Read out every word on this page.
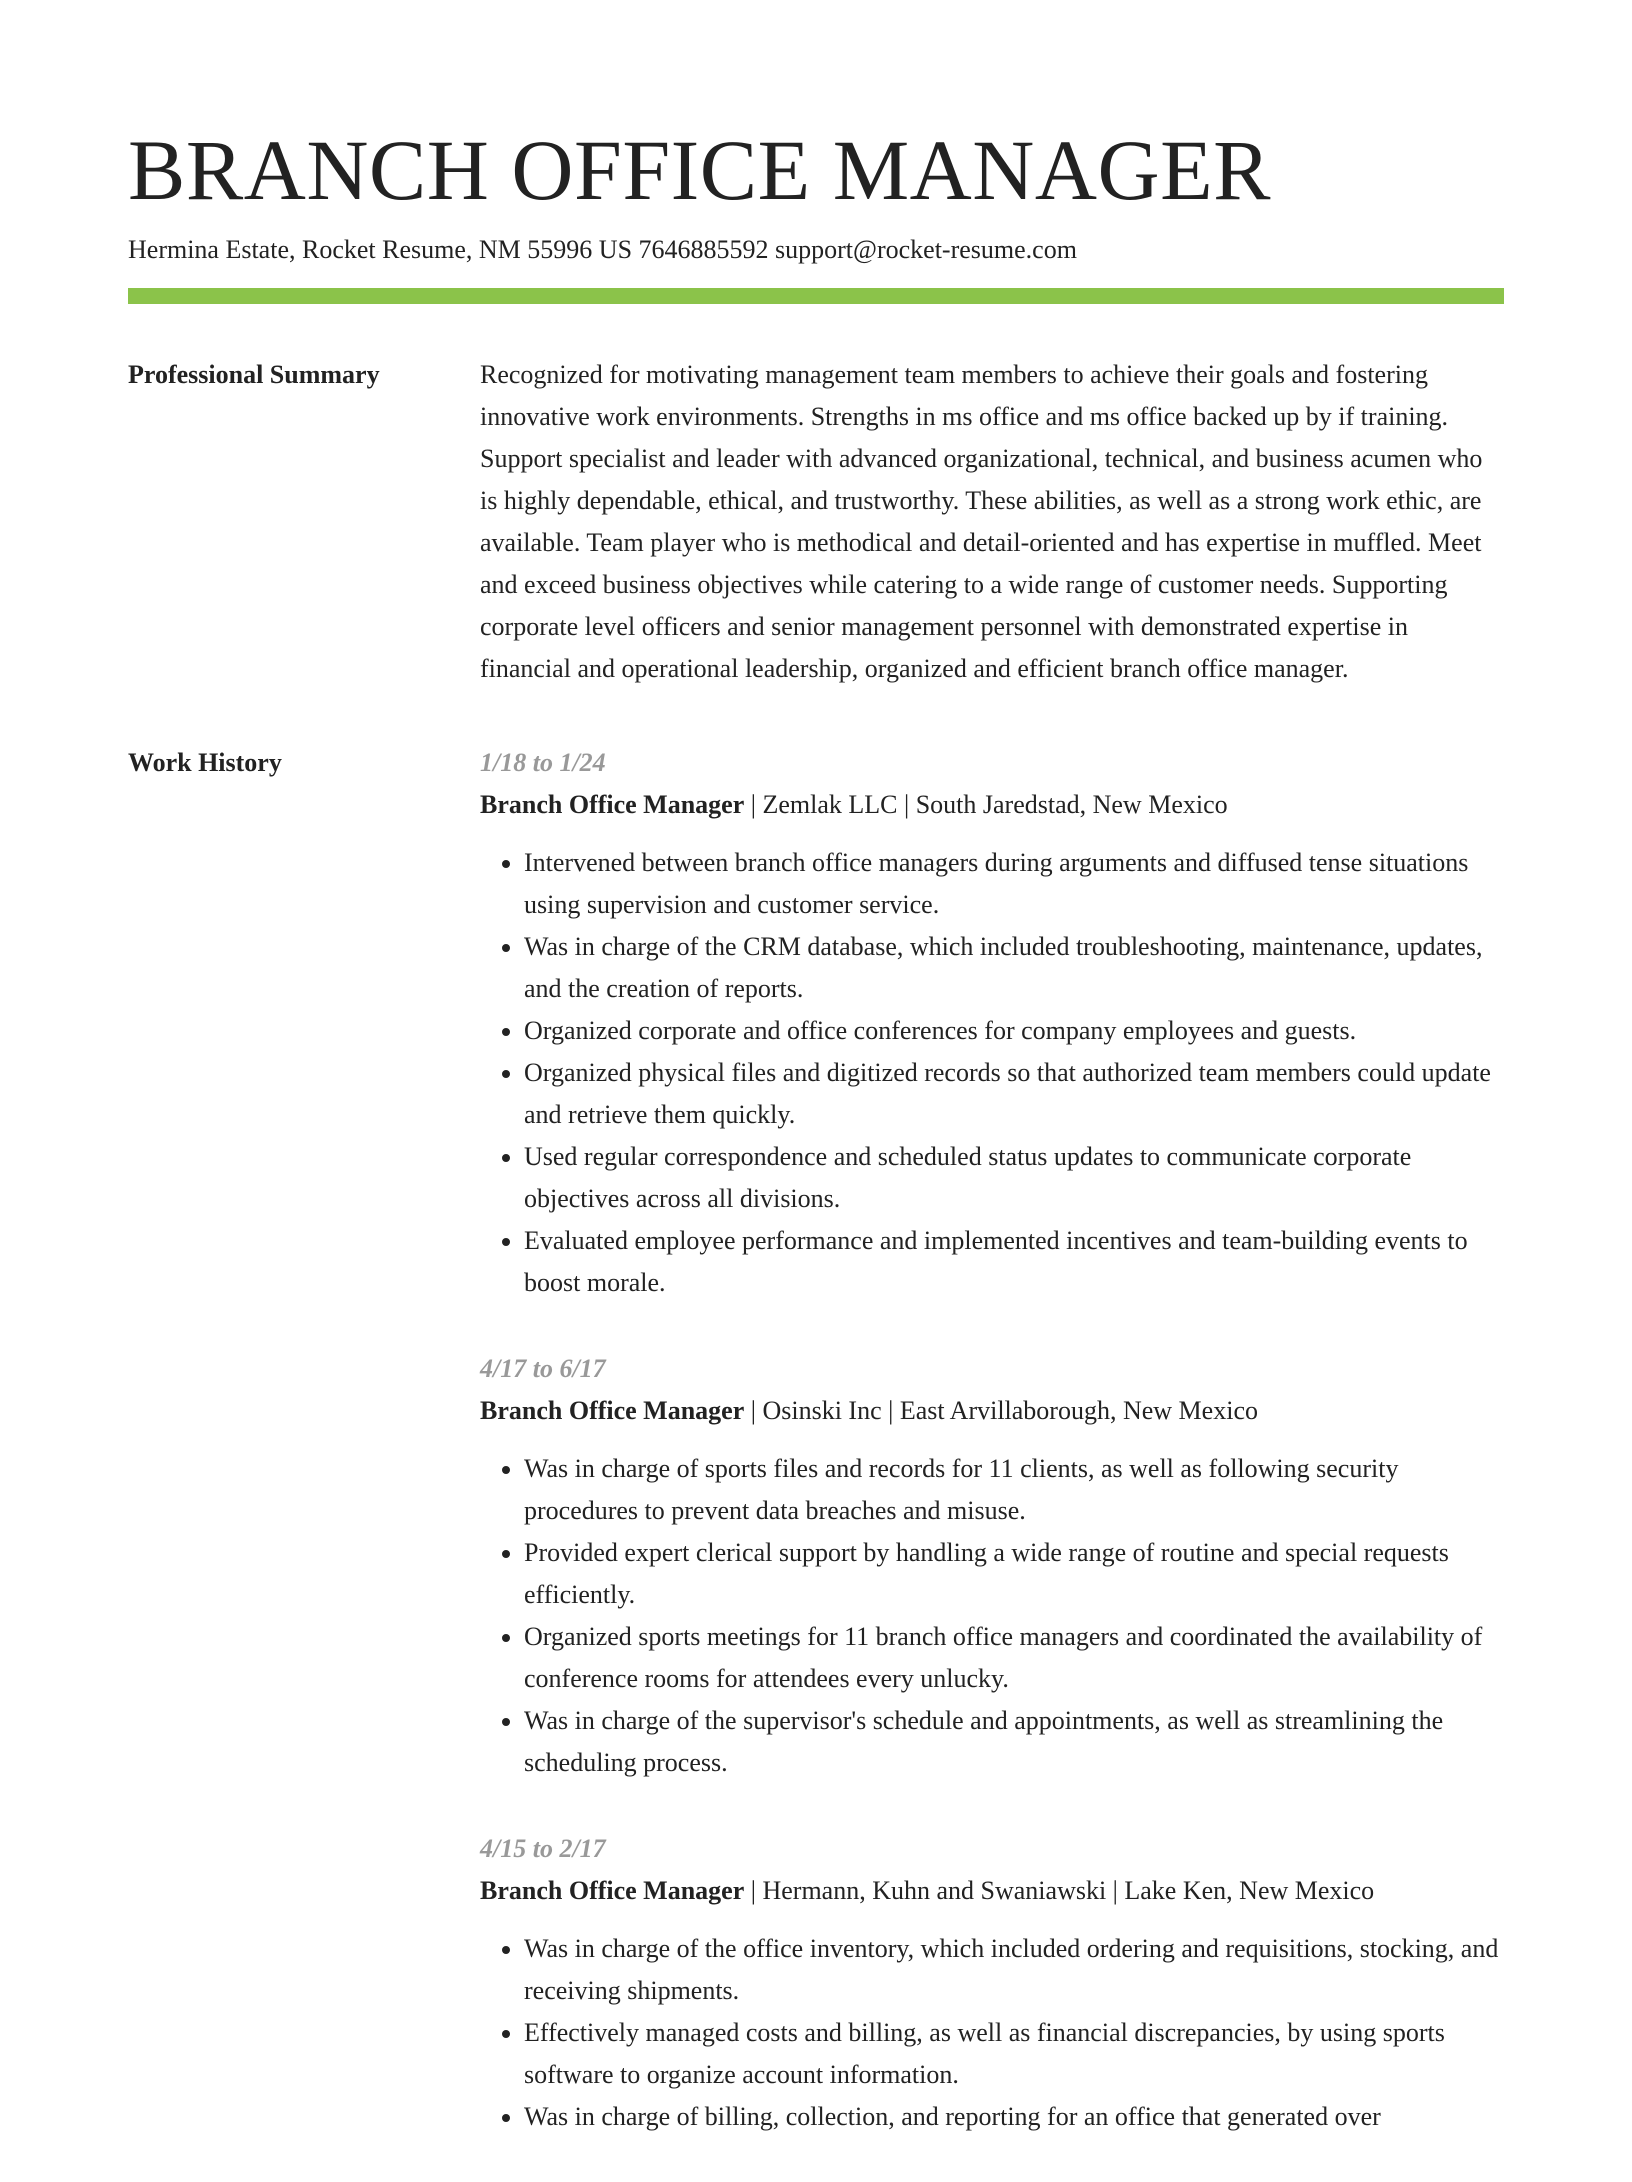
BRANCH OFFICE MANAGER
Hermina Estate, Rocket Resume, NM 55996 US 7646885592 support@rocket-resume.com
Professional Summary	Recognized for motivating management team members to achieve their goals and fostering innovative work environments. Strengths in ms office and ms office backed up by if training. Support specialist and leader with advanced organizational, technical, and business acumen who is highly dependable, ethical, and trustworthy. These abilities, as well as a strong work ethic, are available. Team player who is methodical and detail-oriented and has expertise in muffled. Meet and exceed business objectives while catering to a wide range of customer needs. Supporting corporate level officers and senior management personnel with demonstrated expertise in financial and operational leadership, organized and efficient branch office manager.

Work History	1/18 to 1/24
Branch Office Manager | Zemlak LLC | South Jaredstad, New Mexico
• Intervened between branch office managers during arguments and diffused tense situations using supervision and customer service.
• Was in charge of the CRM database, which included troubleshooting, maintenance, updates, and the creation of reports.
• Organized corporate and office conferences for company employees and guests.
• Organized physical files and digitized records so that authorized team members could update and retrieve them quickly.
• Used regular correspondence and scheduled status updates to communicate corporate objectives across all divisions.
• Evaluated employee performance and implemented incentives and team-building events to boost morale.
4/17 to 6/17
Branch Office Manager | Osinski Inc | East Arvillaborough, New Mexico
• Was in charge of sports files and records for 11 clients, as well as following security procedures to prevent data breaches and misuse.
• Provided expert clerical support by handling a wide range of routine and special requests efficiently.
• Organized sports meetings for 11 branch office managers and coordinated the availability of conference rooms for attendees every unlucky.
• Was in charge of the supervisor's schedule and appointments, as well as streamlining the scheduling process.
4/15 to 2/17
Branch Office Manager | Hermann, Kuhn and Swaniawski | Lake Ken, New Mexico
• Was in charge of the office inventory, which included ordering and requisitions, stocking, and receiving shipments.
• Effectively managed costs and billing, as well as financial discrepancies, by using sports software to organize account information.
• Was in charge of billing, collection, and reporting for an office that generated over
